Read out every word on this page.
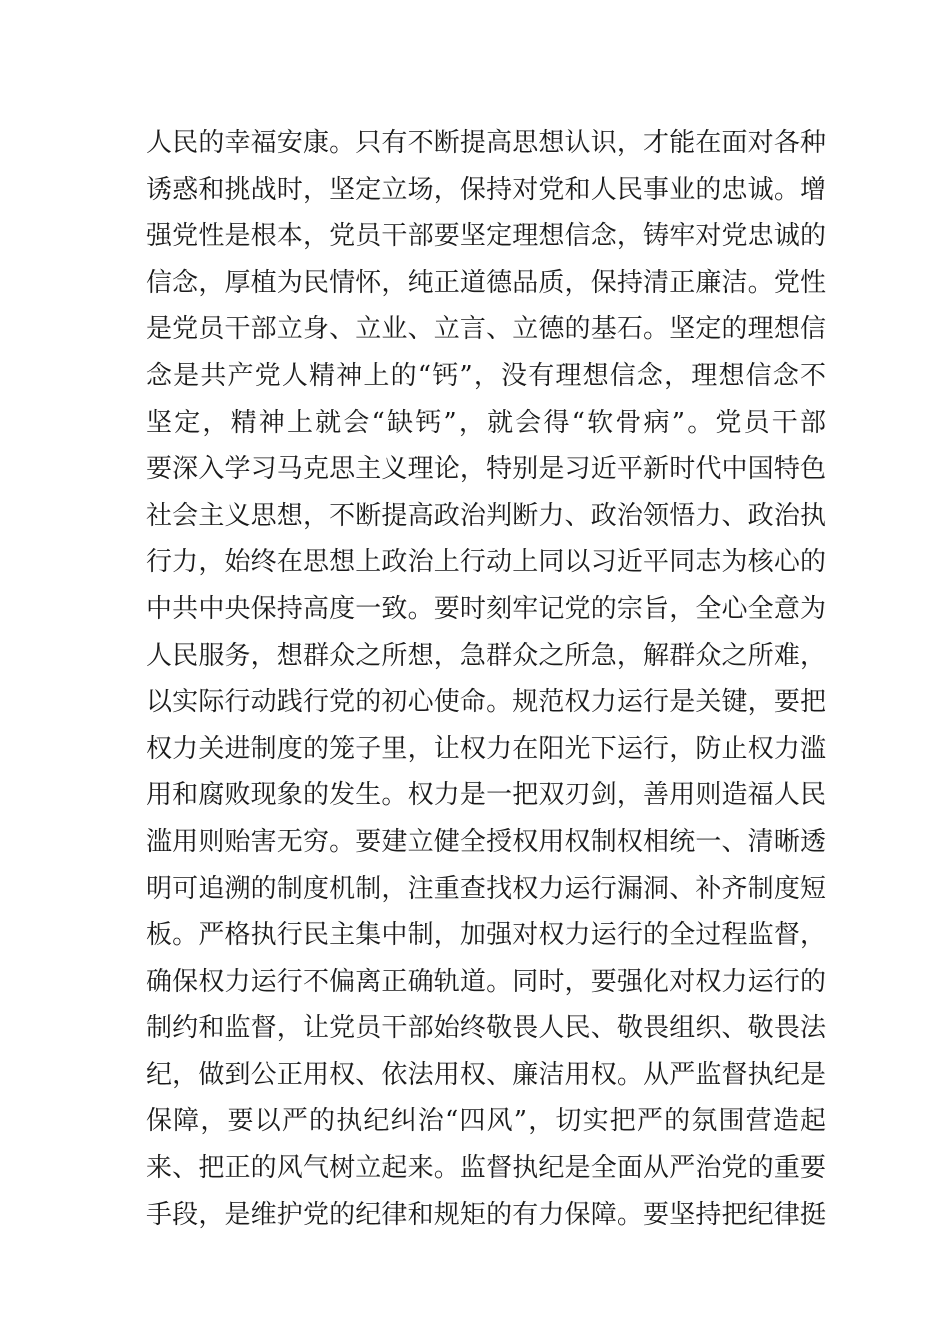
人民的幸福安康。只有不断提高思想认识，才能在面对各种
诱惑和挑战时，坚定立场，保持对党和人民事业的忠诚。增
强党性是根本，党员干部要坚定理想信念，铸牢对党忠诚的
信念，厚植为民情怀，纯正道德品质，保持清正廉洁。党性
是党员干部立身、立业、立言、立德的基石。坚定的理想信
念是共产党人精神上的“钙”，没有理想信念，理想信念不
坚定，精神上就会“缺钙”，就会得“软骨病”。党员干部
要深入学习马克思主义理论，特别是习近平新时代中国特色
社会主义思想，不断提高政治判断力、政治领悟力、政治执
行力，始终在思想上政治上行动上同以习近平同志为核心的
中共中央保持高度一致。要时刻牢记党的宗旨，全心全意为
人民服务，想群众之所想，急群众之所急，解群众之所难，
以实际行动践行党的初心使命。规范权力运行是关键，要把
权力关进制度的笼子里，让权力在阳光下运行，防止权力滥
用和腐败现象的发生。权力是一把双刃剑，善用则造福人民
滥用则贻害无穷。要建立健全授权用权制权相统一、清晰透
明可追溯的制度机制，注重查找权力运行漏洞、补齐制度短
板。严格执行民主集中制，加强对权力运行的全过程监督，
确保权力运行不偏离正确轨道。同时，要强化对权力运行的
制约和监督，让党员干部始终敬畏人民、敬畏组织、敬畏法
纪，做到公正用权、依法用权、廉洁用权。从严监督执纪是
保障，要以严的执纪纠治“四风”，切实把严的氛围营造起
来、把正的风气树立起来。监督执纪是全面从严治党的重要
手段，是维护党的纪律和规矩的有力保障。要坚持把纪律挺
